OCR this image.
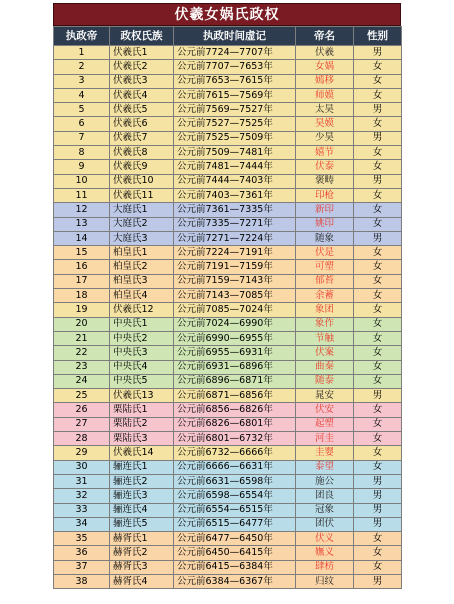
伏羲女娲氏政权
执政帝	政权氏族	执政时间虚记	帝名	性别
1	伏羲氏1	公元前7724—7707年	伏羲	男
2	伏羲氏2	公元前7707—7653年	女娲	女
3	伏羲氏3	公元前7653—7615年	嫣移	女
4	伏羲氏4	公元前7615—7569年	师嫫	女
5	伏羲氏5	公元前7569—7527年	太昊	男
6	伏羲氏6	公元前7527—7525年	昊嫫	女
7	伏羲氏7	公元前7525—7509年	少昊	男
8	伏羲氏8	公元前7509—7481年	嬉节	女
9	伏羲氏9	公元前7481—7444年	伏泰	女
10	伏羲氏10	公元前7444—7403年	褒畴	男
11	伏羲氏11	公元前7403—7361年	印枪	女
12	大庭氏1	公元前7361—7335年	新印	女
13	大庭氏2	公元前7335—7271年	姚印	女
14	大庭氏3	公元前7271—7224年	随象	男
15	柏皇氏1	公元前7224—7191年	伏是	女
16	柏皇氏2	公元前7191—7159年	可塑	女
17	柏皇氏3	公元前7159—7143年	郁苔	女
18	柏皇氏4	公元前7143—7085年	余蓄	女
19	伏羲氏12	公元前7085—7024年	象团	女
20	中央氏1	公元前7024—6990年	象作	女
21	中央氏2	公元前6990—6955年	节触	女
22	中央氏3	公元前6955—6931年	伏案	女
23	中央氏4	公元前6931—6896年	曲秦	女
24	中央氏5	公元前6896—6871年	随泰	女
25	伏羲氏13	公元前6871—6856年	晁安	男
26	栗陆氏1	公元前6856—6826年	伏安	女
27	栗陆氏2	公元前6826—6801年	起塑	女
28	栗陆氏3	公元前6801—6732年	河圭	女
29	伏羲氏14	公元前6732—6666年	圭婴	女
30	骊连氏1	公元前6666—6631年	泰望	女
31	骊连氏2	公元前6631—6598年	施公	男
32	骊连氏3	公元前6598—6554年	团良	男
33	骊连氏4	公元前6554—6515年	冠象	男
34	骊连氏5	公元前6515—6477年	团伏	男
35	赫胥氏1	公元前6477—6450年	伏义	女
36	赫胥氏2	公元前6450—6415年	嫵义	女
37	赫胥氏3	公元前6415—6384年	肆枋	女
38	赫胥氏4	公元前6384—6367年	归纹	男
